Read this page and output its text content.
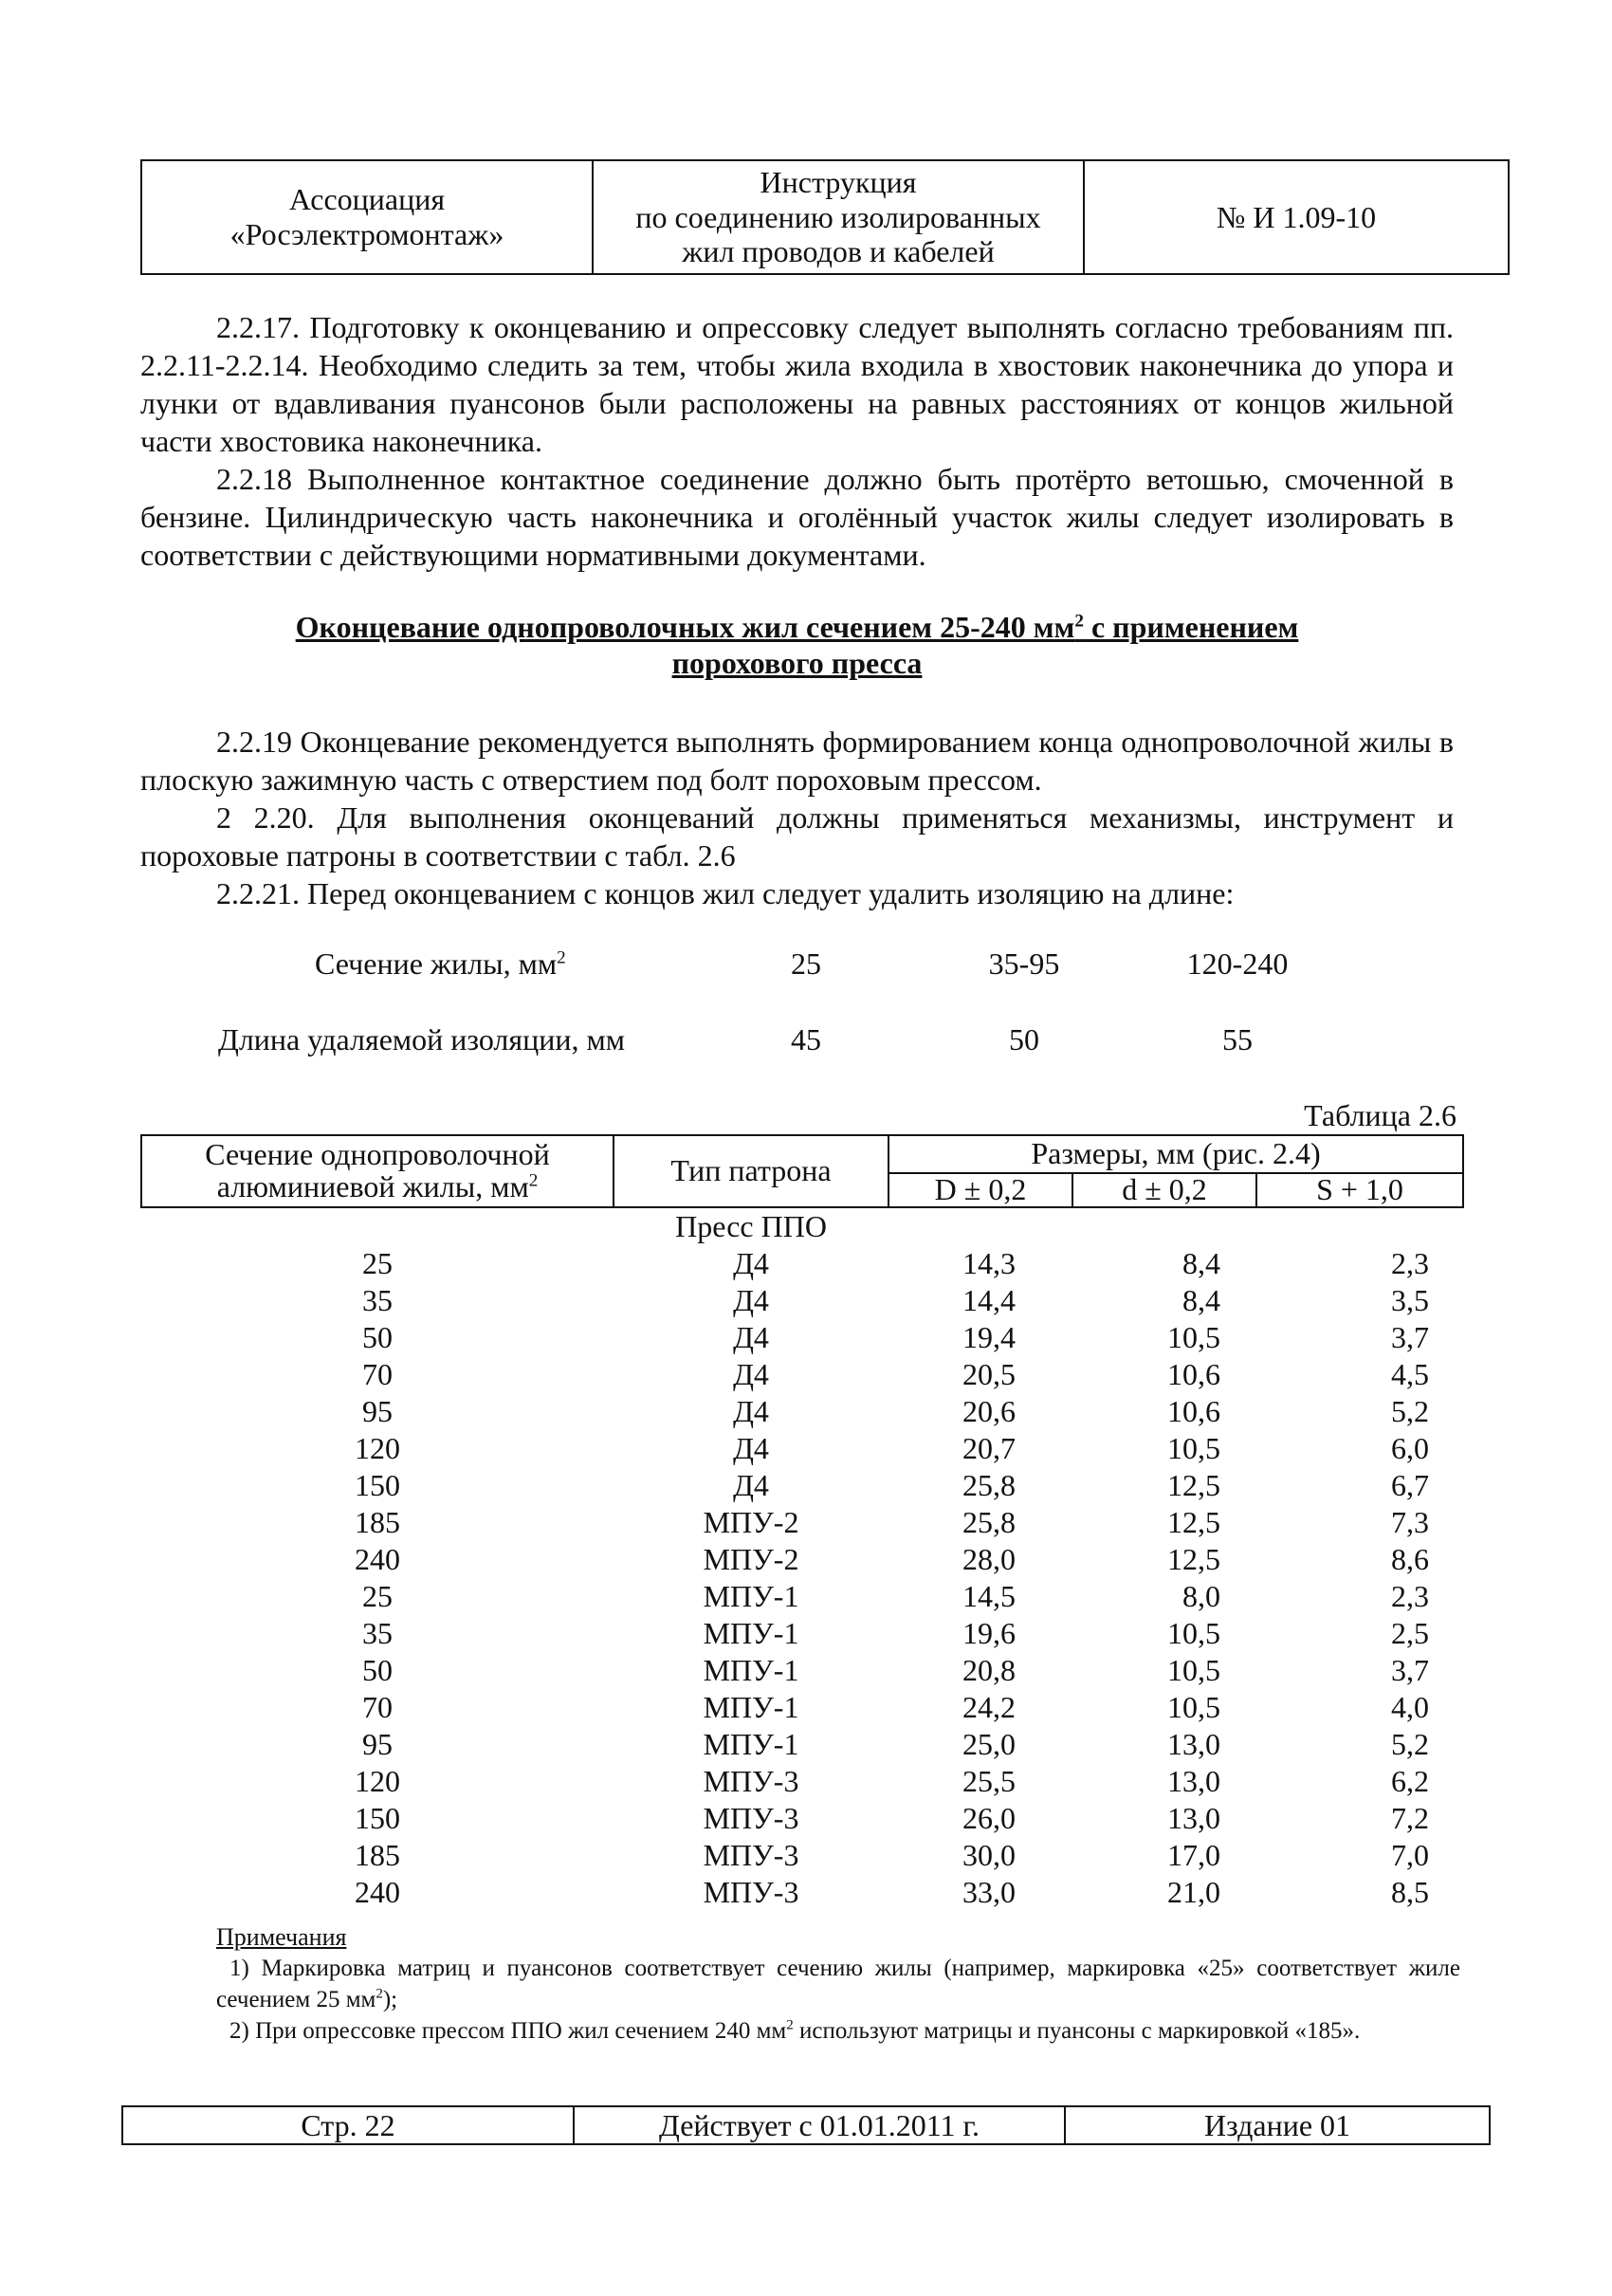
Ассоциация
«Росэлектромонтаж»

Инструкция
по соединению изолированных
жил проводов и кабелей
	№ И 1.09-10

2.2.17. Подготовку к оконцеванию и опрессовку следует выполнять согласно требованиям пп. 2.2.11-2.2.14. Необходимо следить за тем, чтобы жила входила в хвостовик наконечника до упора и лунки от вдавливания пуансонов были расположены на равных расстояниях от концов жильной части хвостовика наконечника.

2.2.18 Выполненное контактное соединение должно быть протёрто ветошью, смоченной в бензине. Цилиндрическую часть наконечника и оголённый участок жилы следует изолировать в соответствии с действующими нормативными документами.

Оконцевание однопроволочных жил сечением 25-240 $мм^2$ с применением
порохового пресса

2.2.19 Оконцевание рекомендуется выполнять формированием конца однопроволочной жилы в плоскую зажимную часть с отверстием под болт пороховым прессом.

2 2.20. Для выполнения оконцеваний должны применяться механизмы, инструмент и пороховые патроны в соответствии с табл. 2.6

2.2.21. Перед оконцеванием с концов жил следует удалить изоляцию на длине:

Сечение жилы, $мм^2$	25	35-95	120-240
Длина удаляемой изоляции, мм	45	50	55
Таблица 2.6
Сечение однопроволочной
алюминиевой жилы, $мм^2$	Тип патрона	Размеры, мм (рис. 2.4)		
		D ± 0,2	d ± 0,2	S + 1,0
	Пресс ППО			
25	Д4	14,3	8,4	2,3
35	Д4	14,4	8,4	3,5
50	Д4	19,4	10,5	3,7
70	Д4	20,5	10,6	4,5
95	Д4	20,6	10,6	5,2
120	Д4	20,7	10,5	6,0
150	Д4	25,8	12,5	6,7
185	МПУ-2	25,8	12,5	7,3
240	МПУ-2	28,0	12,5	8,6
25	МПУ-1	14,5	8,0	2,3
35	МПУ-1	19,6	10,5	2,5
50	МПУ-1	20,8	10,5	3,7
70	МПУ-1	24,2	10,5	4,0
95	МПУ-1	25,0	13,0	5,2
120	МПУ-3	25,5	13,0	6,2
150	МПУ-3	26,0	13,0	7,2
185	МПУ-3	30,0	17,0	7,0
240	МПУ-3	33,0	21,0	8,5
Примечания
1) Маркировка матриц и пуансонов соответствует сечению жилы (например, маркировка «25» соответствует жиле сечением 25 $мм^2$);
2) При опрессовке прессом ППО жил сечением 240 $мм^2$ используют матрицы и пуансоны с маркировкой «185».
Стр. 22	Действует с 01.01.2011 г.	Издание 01
